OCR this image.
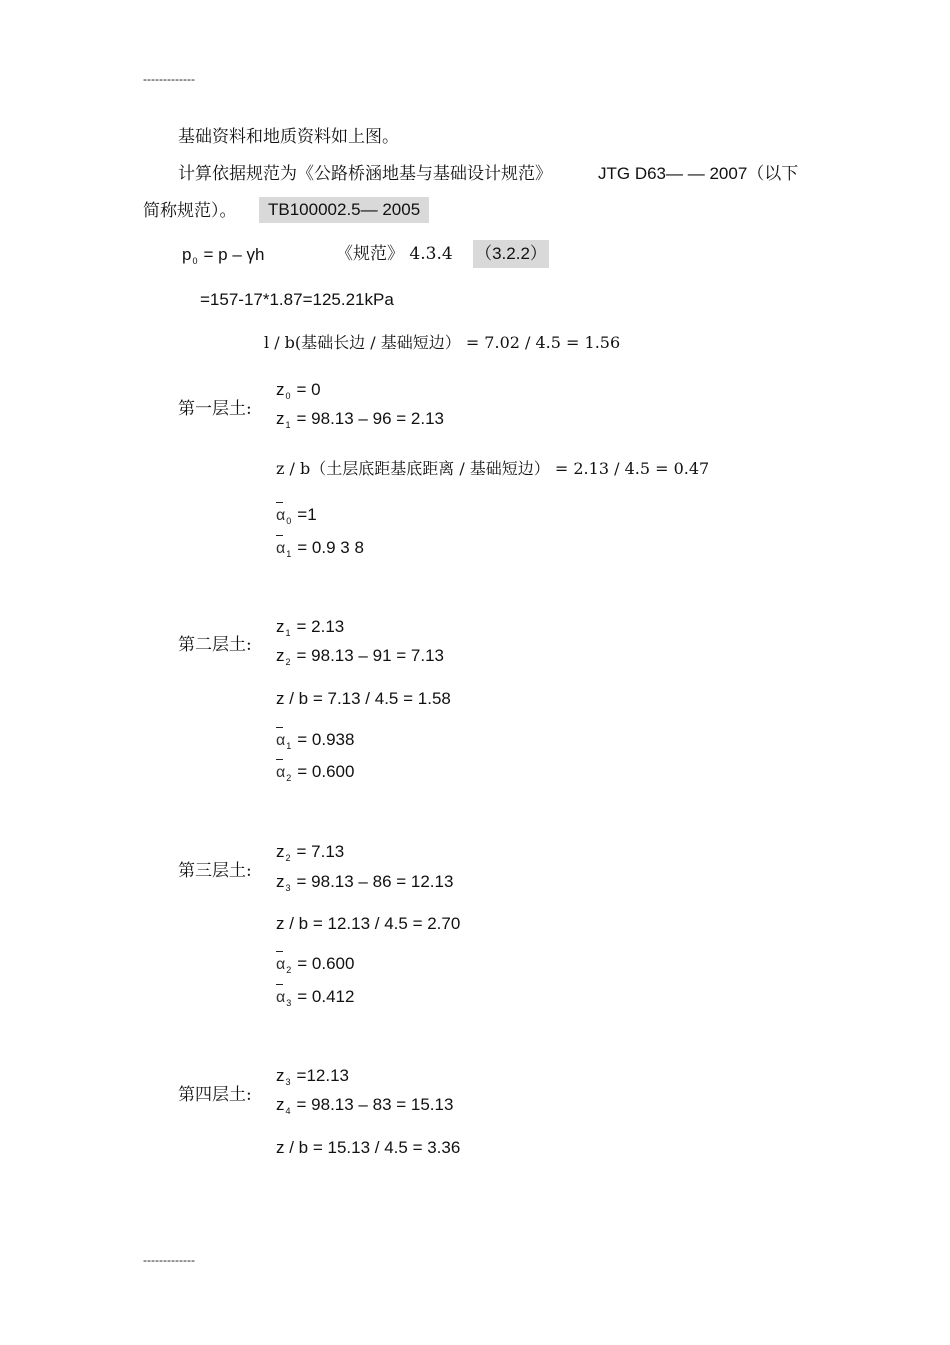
-------------
基础资料和地质资料如上图。
计算依据规范为《公路桥涵地基与基础设计规范》	JTG D63— — 2007（以下
简称规范）。	TB100002.5— 2005
$p_0 = p - \gamma h$	《规范》 4.3.4 （3.2.2）
=157-17*1.87=125.21kPa
l / b(基础长边 / 基础短边） = 7.02 / 4.5 = 1.56
第一层土:
$z_0 = 0$
$z_1 = 98.13 - 96 = 2.13$
z / b（土层底距基底距离 / 基础短边） = 2.13 / 4.5 = 0.47
$\alpha_0 =1$
$\alpha_1 = 0.9$ 3 8
第二层土:
$z_1 = 2.13$
$z_2 = 98.13 - 91 = 7.13$
z / b = 7.13 / 4.5 = 1.58
$\alpha_1 = 0.938$
$\alpha_2 = 0.600$
第三层土:
$z_2 = 7.13$
$z_3 = 98.13 - 86 = 12.13$
z / b = 12.13 / 4.5 = 2.70
$\alpha_2 = 0.600$
$\alpha_3 = 0.412$
第四层土:
$z_3 =12.13$
$z_4 = 98.13 - 83 = 15.13$
z / b = 15.13 / 4.5 = 3.36
-------------
